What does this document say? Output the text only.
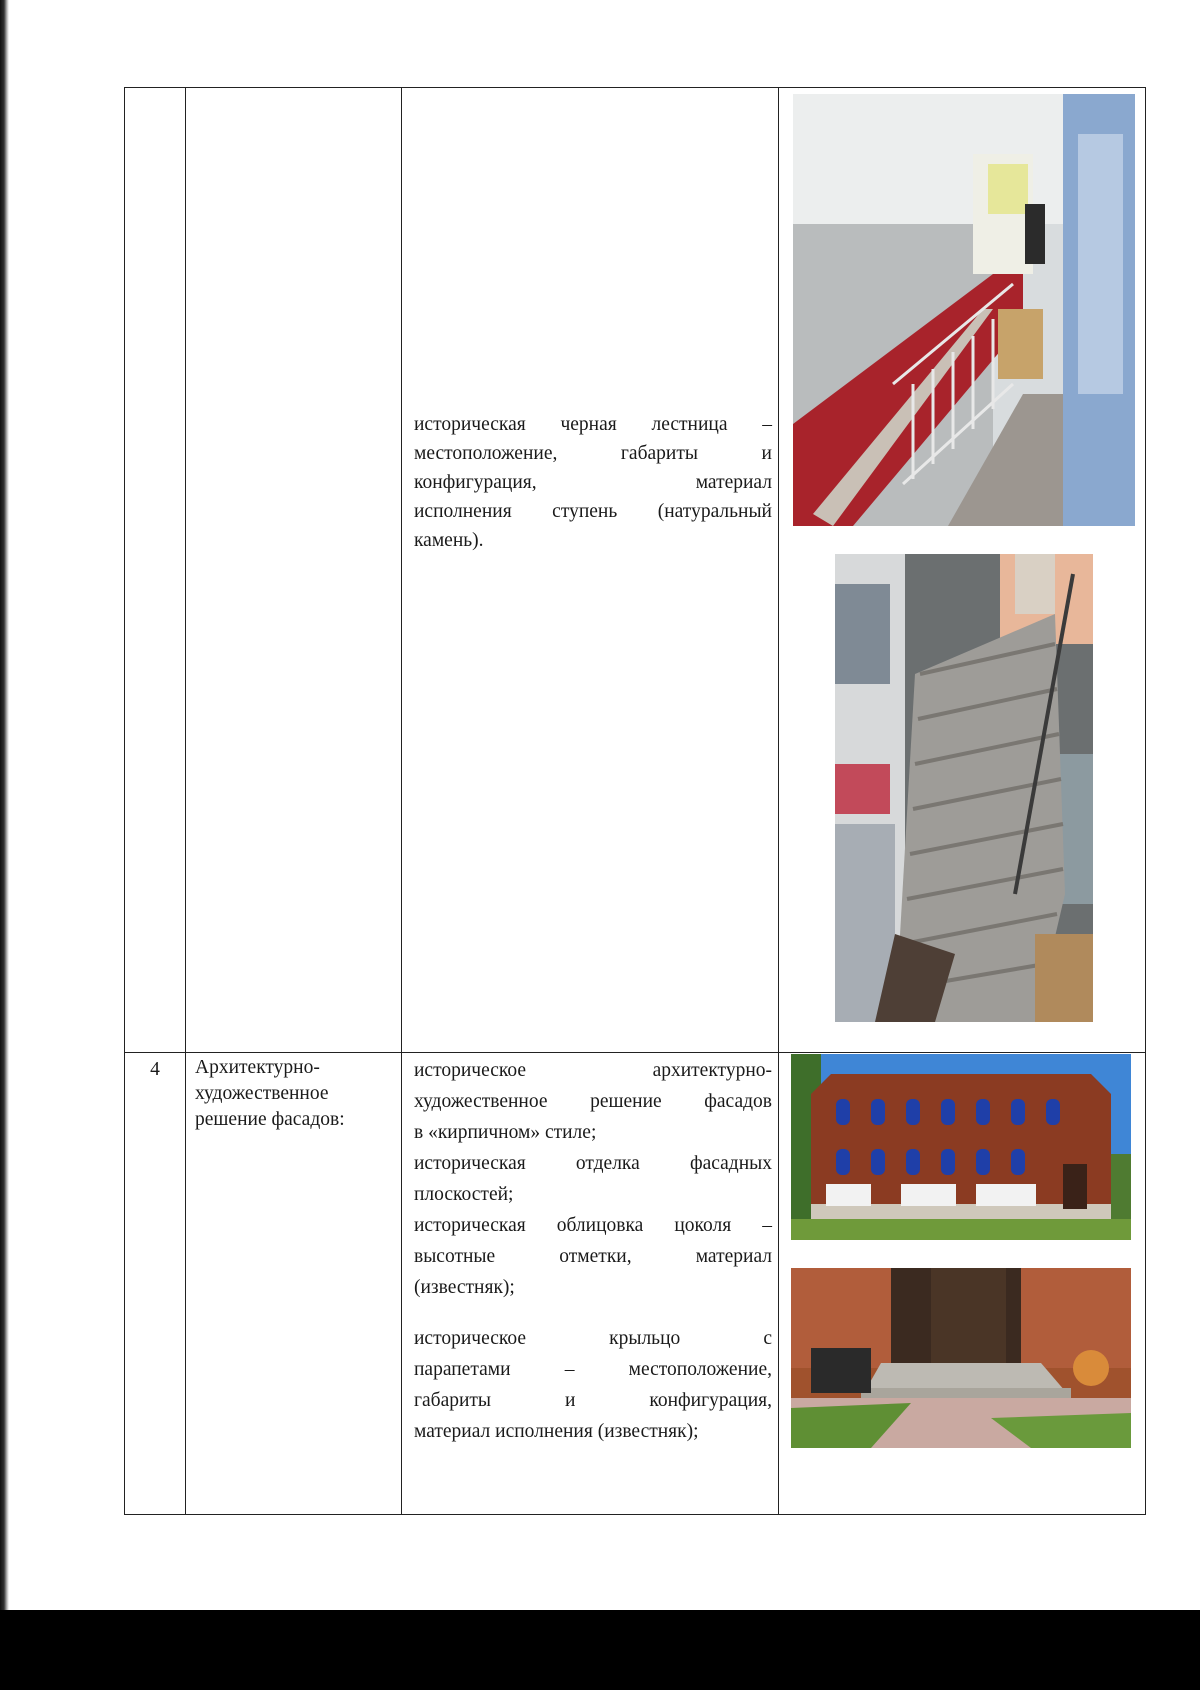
историческая черная лестница –
местоположение, габариты и
конфигурация, материал
исполнения ступень (натуральный
камень).
4	Архитектурно-
художественное
решение фасадов:
историческое архитектурно-
художественное решение фасадов
в «кирпичном» стиле;
историческая отделка фасадных
плоскостей;
историческая облицовка цоколя –
высотные отметки, материал
(известняк);
историческое крыльцо с
парапетами – местоположение,
габариты и конфигурация,
материал исполнения (известняк);
